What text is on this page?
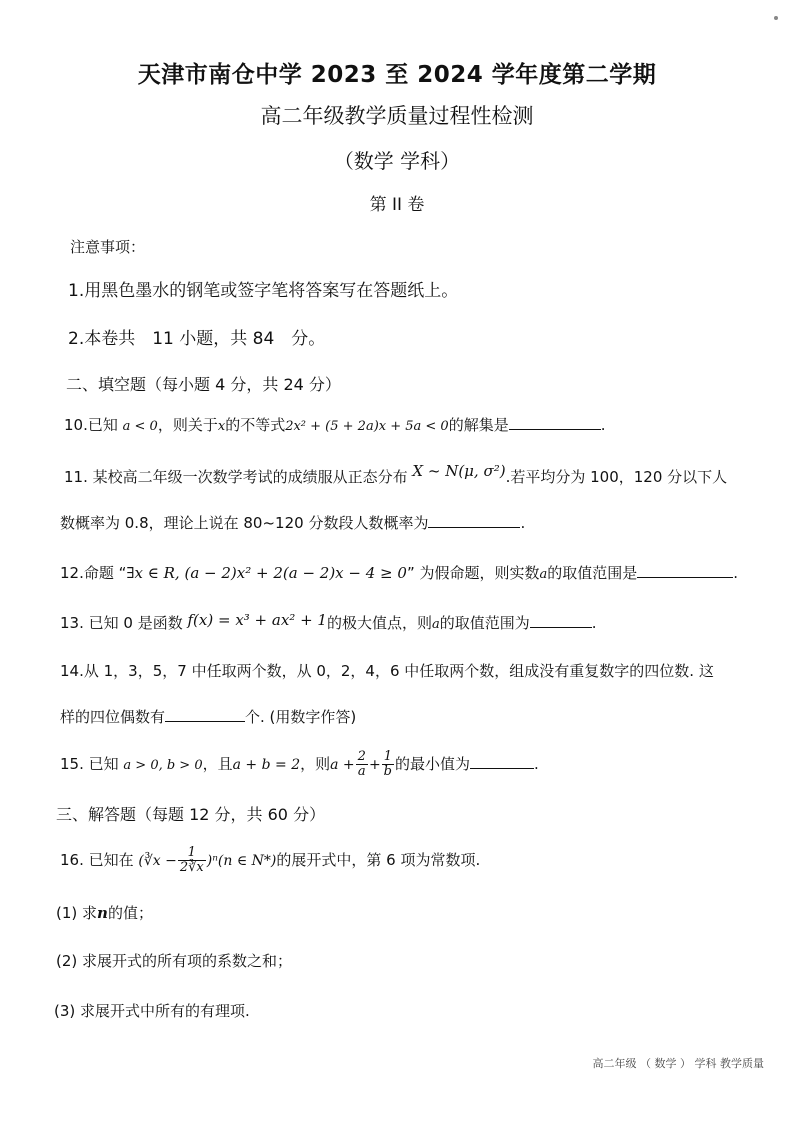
天津市南仓中学 2023 至 2024 学年度第二学期
高二年级教学质量过程性检测
（数学 学科）
第 II 卷
注意事项：
1.用黑色墨水的钢笔或签字笔将答案写在答题纸上。
2.本卷共　11 小题，共 84　分。
二、填空题（每小题 4 分，共 24 分）
10.已知 a < 0，则关于x的不等式2x² + (5 + 2a)x + 5a < 0的解集是	.
11. 某校高二年级一次数学考试的成绩服从正态分布 X ~ N(μ, σ²).若平均分为 100，120 分以下人
数概率为 0.8，理论上说在 80~120 分数段人数概率为	.
12.命题 “∃x ∈ R, (a − 2)x² + 2(a − 2)x − 4 ≥ 0” 为假命题，则实数a的取值范围是	.
13. 已知 0 是函数 f(x) = x³ + ax² + 1的极大值点，则a的取值范围为	.
14.从 1，3，5，7 中任取两个数，从 0，2，4，6 中任取两个数，组成没有重复数字的四位数. 这
样的四位偶数有	个. (用数字作答)
15. 已知 a > 0, b > 0，且a + b = 2，则$a + \frac{2}{a} + \frac{1}{b}$ 的最小值为	.
三、解答题（每题 12 分，共 60 分）
16. 已知在 (∛x − $\frac{1}{2∛x} )^n(n$ ∈ N*)的展开式中，第 6 项为常数项.
(1) 求n的值；
(2) 求展开式的所有项的系数之和；
(3) 求展开式中所有的有理项.
高二年级 （ 数学 ） 学科 教学质量
